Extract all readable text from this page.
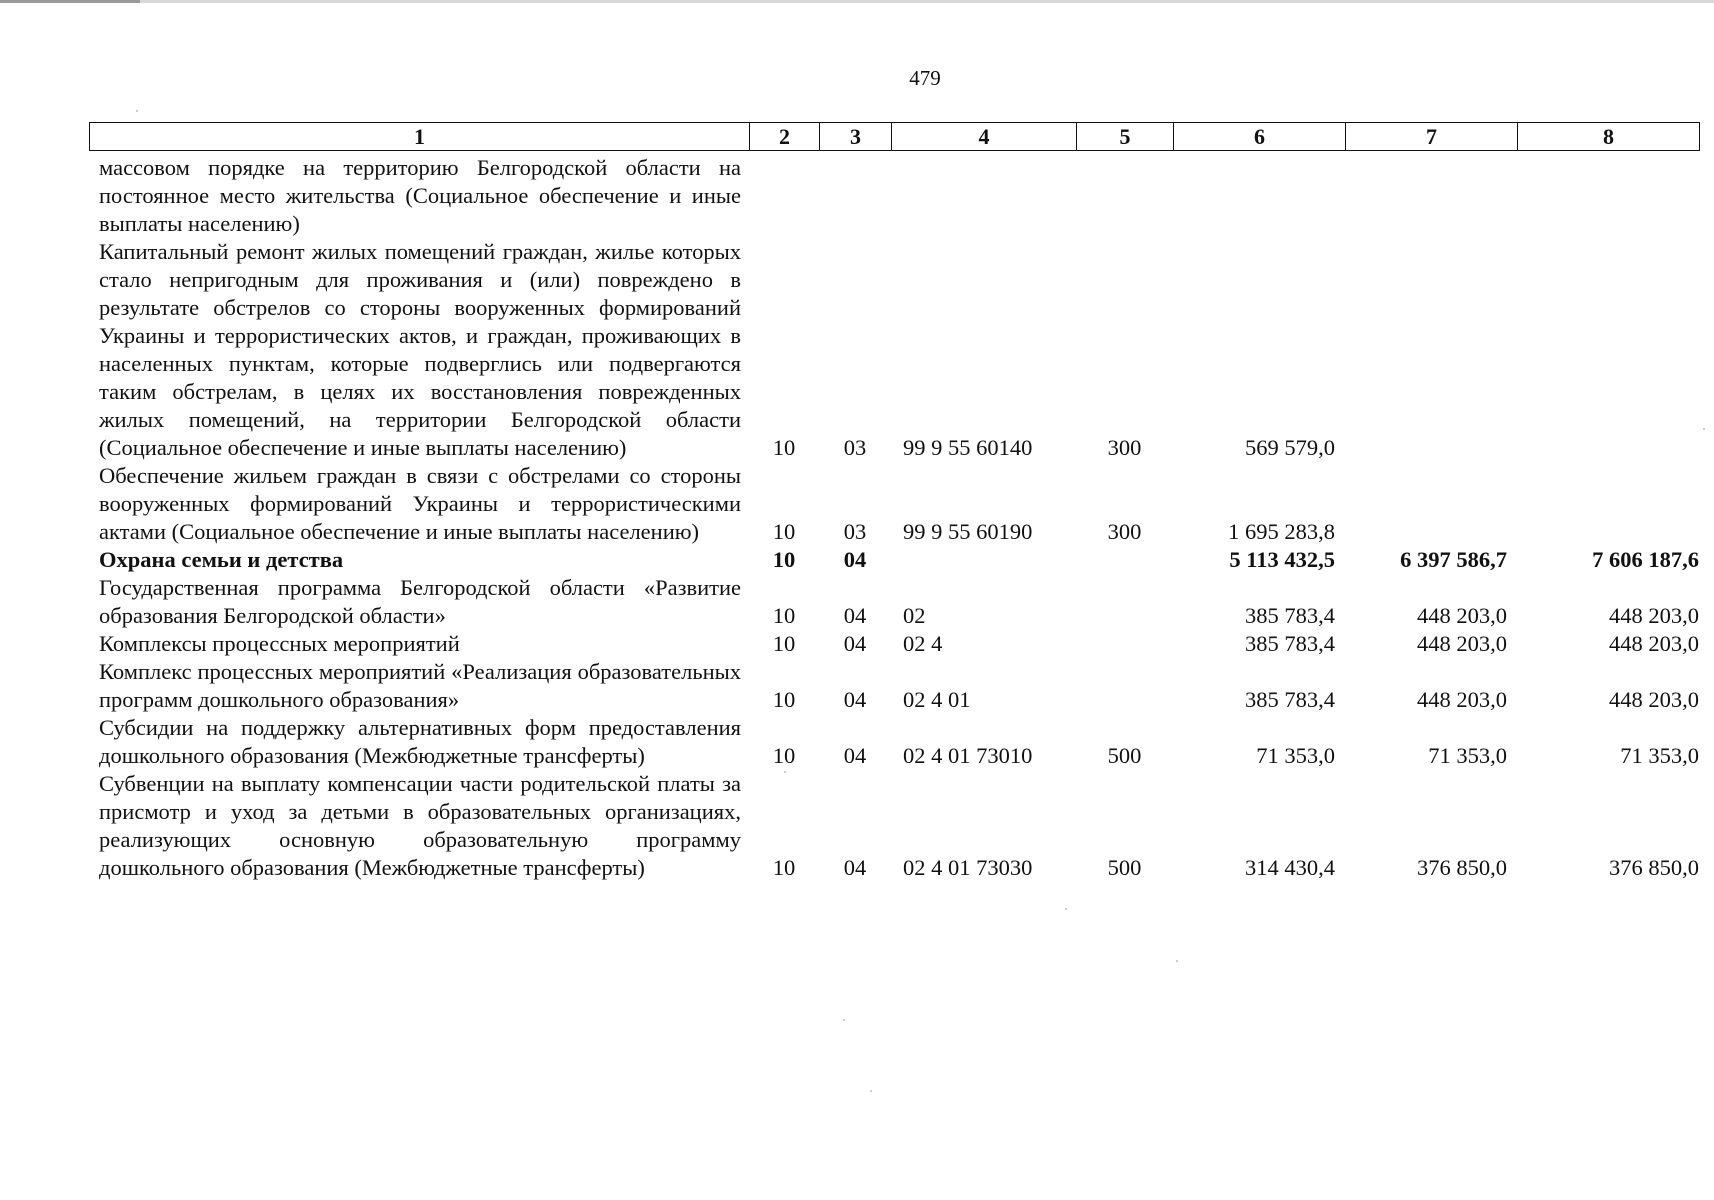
479
1	2	3	4	5	6	7	8
массовом порядке на территорию Белгородской области на постоянное место жительства (Социальное обеспечение и иные выплаты населению)							
Капитальный ремонт жилых помещений граждан, жилье которых стало непригодным для проживания и (или) повреждено в результате обстрелов со стороны вооруженных формирований Украины и террористических актов, и граждан, проживающих в населенных пунктам, которые подверглись или подвергаются таким обстрелам, в целях их восстановления поврежденных жилых помещений, на территории Белгородской области (Социальное обеспечение и иные выплаты населению)	10	03	99 9 55 60140	300	569 579,0		
Обеспечение жильем граждан в связи с обстрелами со стороны вооруженных формирований Украины и террористическими актами (Социальное обеспечение и иные выплаты населению)	10	03	99 9 55 60190	300	1 695 283,8		
Охрана семьи и детства	10	04			5 113 432,5	6 397 586,7	7 606 187,6
Государственная программа Белгородской области «Развитие образования Белгородской области»	10	04	02		385 783,4	448 203,0	448 203,0
Комплексы процессных мероприятий	10	04	02 4		385 783,4	448 203,0	448 203,0
Комплекс процессных мероприятий «Реализация образовательных программ дошкольного образования»	10	04	02 4 01		385 783,4	448 203,0	448 203,0
Субсидии на поддержку альтернативных форм предоставления дошкольного образования (Межбюджетные трансферты)	10	04	02 4 01 73010	500	71 353,0	71 353,0	71 353,0
Субвенции на выплату компенсации части родительской платы за присмотр и уход за детьми в образовательных организациях, реализующих основную образовательную программу дошкольного образования (Межбюджетные трансферты)	10	04	02 4 01 73030	500	314 430,4	376 850,0	376 850,0
